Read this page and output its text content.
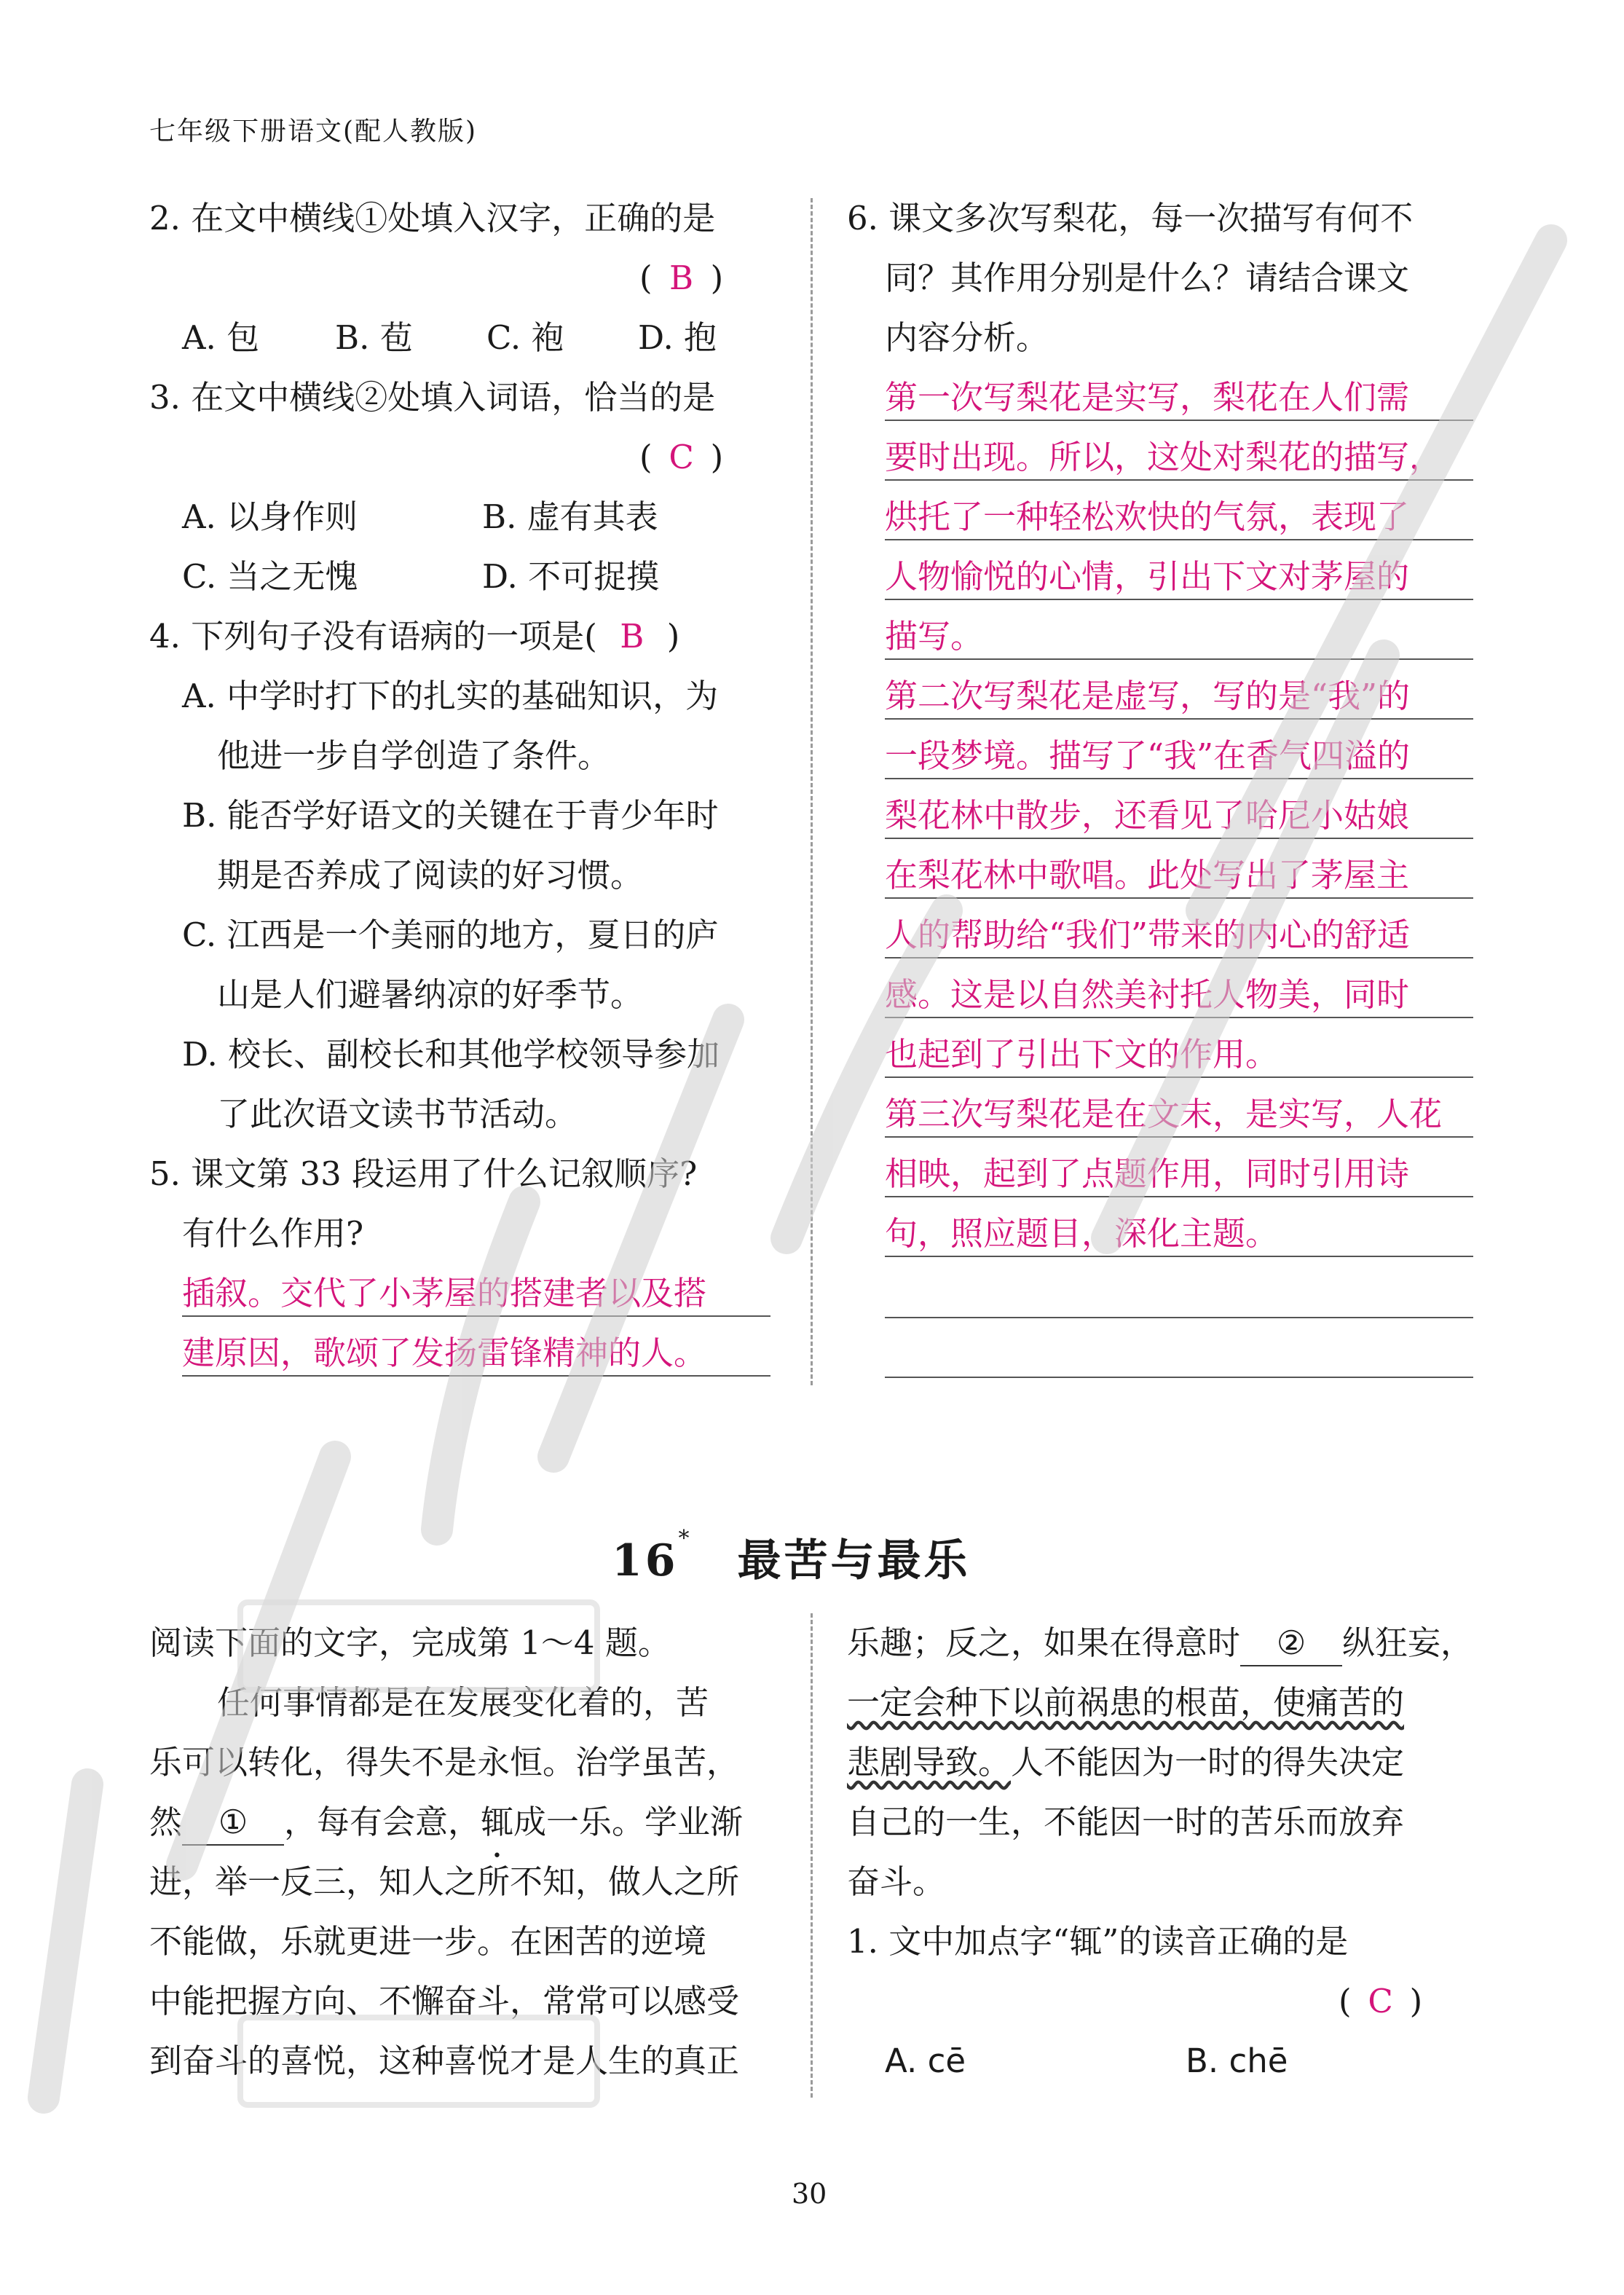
七年级下册语文(配人教版)
2. 在文中横线①处填入汉字，正确的是
( B )
A. 包 B. 苞 C. 袍 D. 抱
3. 在文中横线②处填入词语，恰当的是
( C )
A. 以身作则	B. 虚有其表
C. 当之无愧	D. 不可捉摸
4. 下列句子没有语病的一项是( B )
A. 中学时打下的扎实的基础知识，为
他进一步自学创造了条件。
B. 能否学好语文的关键在于青少年时
期是否养成了阅读的好习惯。
C. 江西是一个美丽的地方，夏日的庐
山是人们避暑纳凉的好季节。
D. 校长、副校长和其他学校领导参加
了此次语文读书节活动。
5. 课文第 33 段运用了什么记叙顺序?
有什么作用?
插叙。交代了小茅屋的搭建者以及搭
建原因，歌颂了发扬雷锋精神的人。
6. 课文多次写梨花，每一次描写有何不
同？其作用分别是什么？请结合课文
内容分析。
第一次写梨花是实写，梨花在人们需
要时出现。所以，这处对梨花的描写，
烘托了一种轻松欢快的气氛，表现了
人物愉悦的心情，引出下文对茅屋的
描写。
第二次写梨花是虚写，写的是“我”的
一段梦境。描写了“我”在香气四溢的
梨花林中散步，还看见了哈尼小姑娘
在梨花林中歌唱。此处写出了茅屋主
人的帮助给“我们”带来的内心的舒适
感。这是以自然美衬托人物美，同时
也起到了引出下文的作用。
第三次写梨花是在文末，是实写，人花
相映，起到了点题作用，同时引用诗
句，照应题目，深化主题。
16* 最苦与最乐
阅读下面的文字，完成第 1～4 题。
任何事情都是在发展变化着的，苦
乐可以转化，得失不是永恒。治学虽苦，
然 ① ，每有会意，辄成一乐。学业渐
进，举一反三，知人之所不知，做人之所
不能做，乐就更进一步。在困苦的逆境
中能把握方向、不懈奋斗，常常可以感受
到奋斗的喜悦，这种喜悦才是人生的真正
乐趣；反之，如果在得意时 ② 纵狂妄，
一定会种下以前祸患的根苗，使痛苦的
悲剧导致。人不能因为一时的得失决定
自己的一生，不能因一时的苦乐而放弃
奋斗。
1. 文中加点字“辄”的读音正确的是
( C )
A. cē	B. chē
30
